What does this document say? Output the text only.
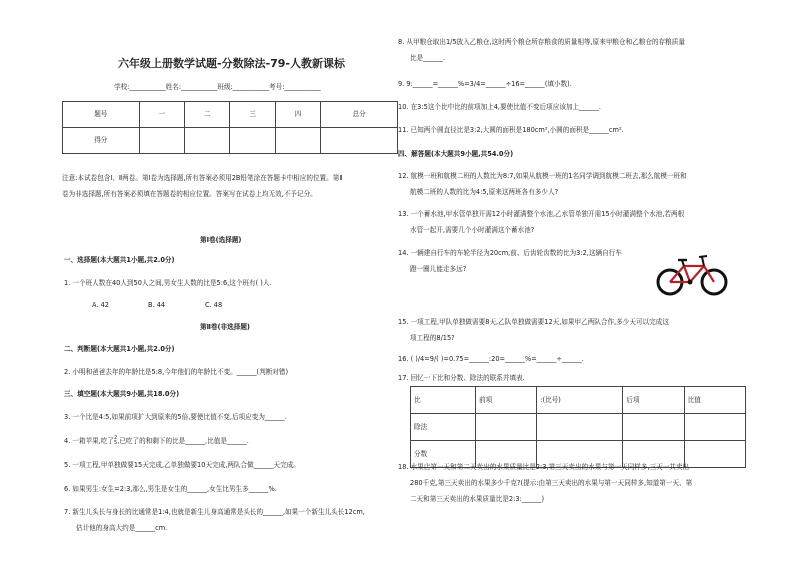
六年级上册数学试题-分数除法-79-人教新课标
学校:___________姓名:___________班级:___________考号:___________
题号	一	二	三	四	总分
得分					
注意:本试卷包含Ⅰ、Ⅱ两卷。第Ⅰ卷为选择题,所有答案必须用2B铅笔涂在答题卡中相应的位置。第Ⅱ
卷为非选择题,所有答案必须填在答题卷的相应位置。答案写在试卷上均无效,不予记分。
第Ⅰ卷(选择题)
一、选择题(本大题共1小题,共2.0分)
1. 一个班人数在40人到50人之间,男女生人数的比是5:6,这个班有( )人.
A. 42	B. 44	C. 48
第Ⅱ卷(非选择题)
二、判断题(本大题共1小题,共2.0分)
2. 小明和爸爸去年的年龄比是5:8,今年他们的年龄比不变。______(判断对错)
三、填空题(本大题共9小题,共18.0分)
3. 一个比是4:5,如果前项扩大到原来的5倍,要使比值不变,后项应变为______.
4. 一箱苹果,吃了2
5,已吃了的和剩下的比是______,比值是______.
5. 一项工程,甲单独做要15天完成,乙单独做要10天完成,两队合做______天完成。
6. 如果男生:女生=2:3,那么,男生是女生的______,女生比男生多______%.
7. 新生儿头长与身长的比通常是1:4,也就是新生儿身高通常是头长的______,如果一个新生儿头长12cm,
估计他的身高大约是______cm.
8. 从甲粮仓取出1/5放入乙粮仓,这时两个粮仓所存粮食的质量相等,原来甲粮仓和乙粮仓的存粮质量
比是______.
9. 9:______=______%=3/4=______÷16=______(填小数).
10. 在3:5这个比中比的前项加上4,要使比值不变后项应该加上______.
11. 已知两个圆直径比是3:2,大圆的面积是180cm²,小圆的面积是______cm².
四、解答题(本大题共9小题,共54.0分)
12. 航模一班和航模二班的人数比为8:7,如果从航模一班的1名同学调到航模二班去,那么航模一班和
航模二班的人数的比为4:5,原来这两班各有多少人?
13. 一个蓄水池,甲水管单独开需12小时灌满整个水池,乙水管单独开需15小时灌满整个水池,若两根
水管一起开,需要几个小时灌满这个蓄水池?
14. 一辆建自行车的车轮半径为20cm,前、后齿轮齿数的比为3:2,这辆自行车
蹬一圈儿能走多远?
15. 一项工程,甲队单独做需要8天,乙队单独做需要12天,如果甲乙两队合作,多少天可以完成这
项工程的8/15?
16. ( )/4=9/( )=0.75=______:20=______%=______÷______.
17. 回忆一下比和分数、除法的联系并填表.
比	前项	:(比号)	后项	比值
除法				
分数				
18. 水果店第一天和第二天卖出的水果质量比是2:3,第三天卖出的水果与第一天同样多,三天一共卖出
280千克,第三天卖出的水果多少千克?(提示:由第三天卖出的水果与第一天同样多,知道第一天、第
二天和第三天卖出的水果质量比是2:3:______)
